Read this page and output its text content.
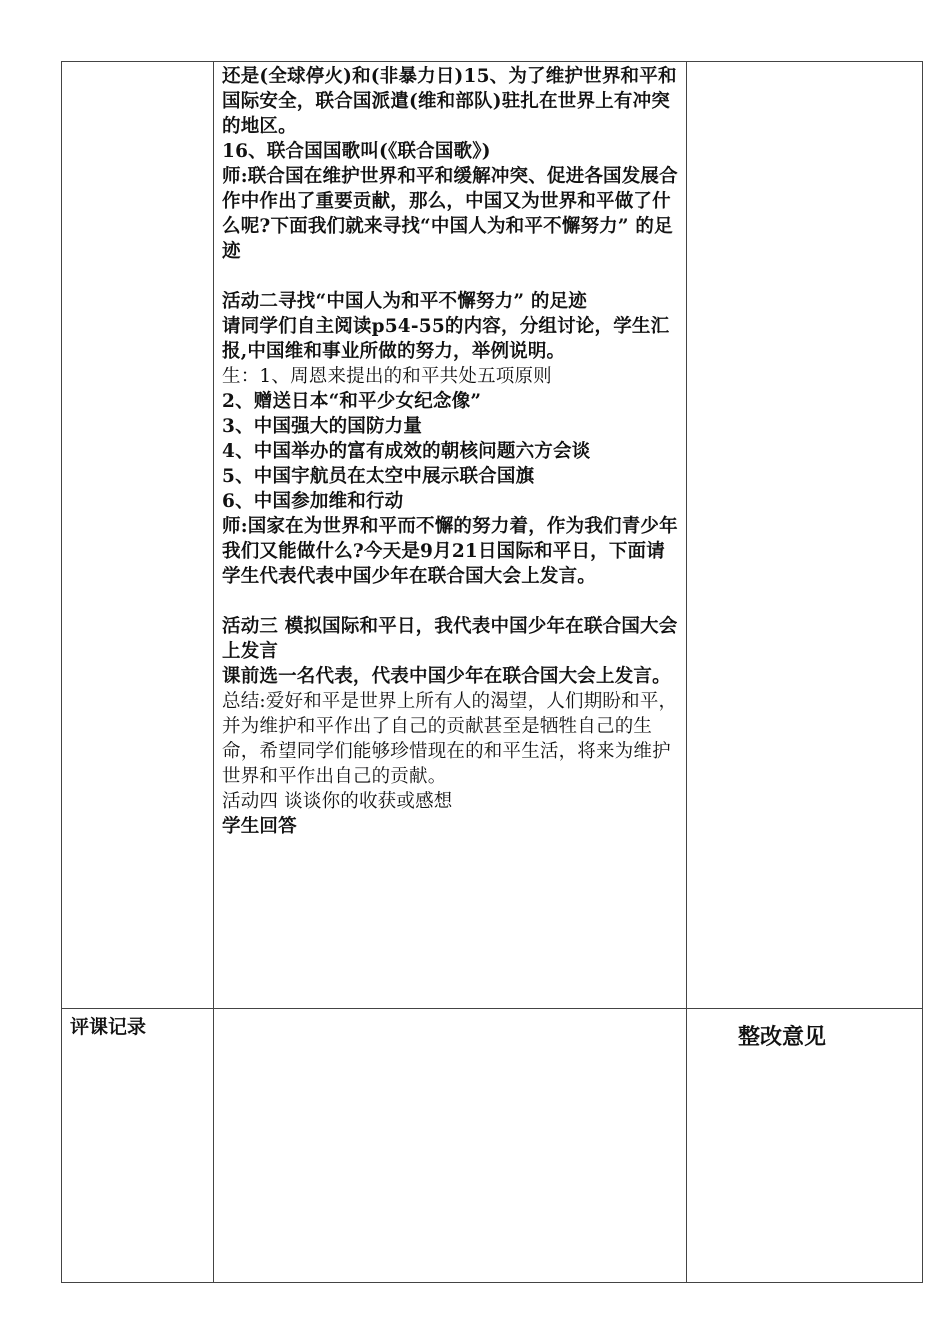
还是(全球停火)和(非暴力日)15、为了维护世界和平和国际安全，联合国派遣(维和部队)驻扎在世界上有冲突的地区。

16、联合国国歌叫(《联合国歌》)

师:联合国在维护世界和平和缓解冲突、促进各国发展合作中作出了重要贡献，那么，中国又为世界和平做了什么呢?下面我们就来寻找“中国人为和平不懈努力” 的足迹

活动二寻找“中国人为和平不懈努力” 的足迹

请同学们自主阅读p54-55的内容，分组讨论，学生汇报,中国维和事业所做的努力，举例说明。

生：1、周恩来提出的和平共处五项原则

2、赠送日本“和平少女纪念像”

3、中国强大的国防力量

4、中国举办的富有成效的朝核问题六方会谈

5、中国宇航员在太空中展示联合国旗

6、中国参加维和行动

师:国家在为世界和平而不懈的努力着，作为我们青少年我们又能做什么?今天是9月21日国际和平日，下面请学生代表代表中国少年在联合国大会上发言。

活动三 模拟国际和平日，我代表中国少年在联合国大会上发言

课前选一名代表，代表中国少年在联合国大会上发言。

总结:爱好和平是世界上所有人的渴望，人们期盼和平，并为维护和平作出了自己的贡献甚至是牺牲自己的生命，希望同学们能够珍惜现在的和平生活，将来为维护世界和平作出自己的贡献。

活动四 谈谈你的收获或感想

学生回答

评课记录	整改意见
